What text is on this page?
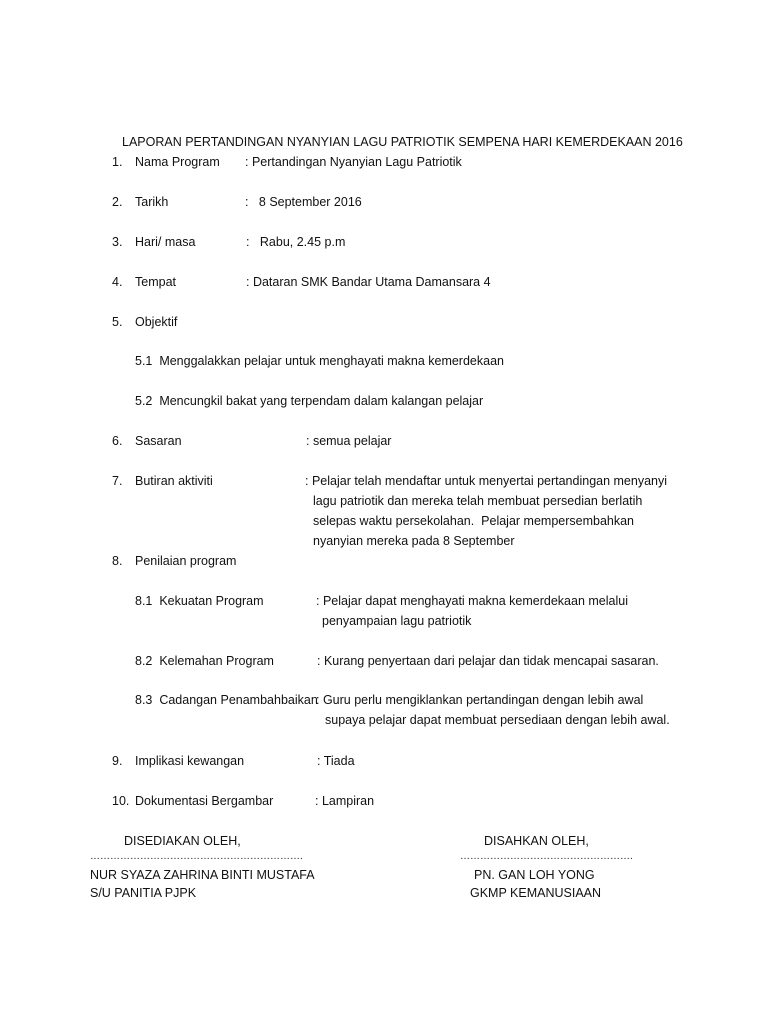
LAPORAN PERTANDINGAN NYANYIAN LAGU PATRIOTIK SEMPENA HARI KEMERDEKAAN 2016
1. Nama Program : Pertandingan Nyanyian Lagu Patriotik
2. Tarikh	:   8 September 2016
3. Hari/ masa	:   Rabu, 2.45 p.m
4. Tempat	: Dataran SMK Bandar Utama Damansara 4
5. Objektif
5.1  Menggalakkan pelajar untuk menghayati makna kemerdekaan
5.2  Mencungkil bakat yang terpendam dalam kalangan pelajar
6. Sasaran	: semua pelajar
7. Butiran aktiviti	: Pelajar telah mendaftar untuk menyertai pertandingan menyanyi
lagu patriotik dan mereka telah membuat persedian berlatih
selepas waktu persekolahan.  Pelajar mempersembahkan
nyanyian mereka pada 8 September
8. Penilaian program
8.1  Kekuatan Program	: Pelajar dapat menghayati makna kemerdekaan melalui
penyampaian lagu patriotik
8.2  Kelemahan Program	: Kurang penyertaan dari pelajar dan tidak mencapai sasaran.
8.3  Cadangan Penambahbaikan
: Guru perlu mengiklankan pertandingan dengan lebih awal
supaya pelajar dapat membuat persediaan dengan lebih awal.
9. Implikasi kewangan	: Tiada
10. Dokumentasi Bergambar	: Lampiran
DISEDIAKAN OLEH,
……………………………………………………….
NUR SYAZA ZAHRINA BINTI MUSTAFA
S/U PANITIA PJPK
DISAHKAN OLEH,
…………………………………………….
PN. GAN LOH YONG
GKMP KEMANUSIAAN
